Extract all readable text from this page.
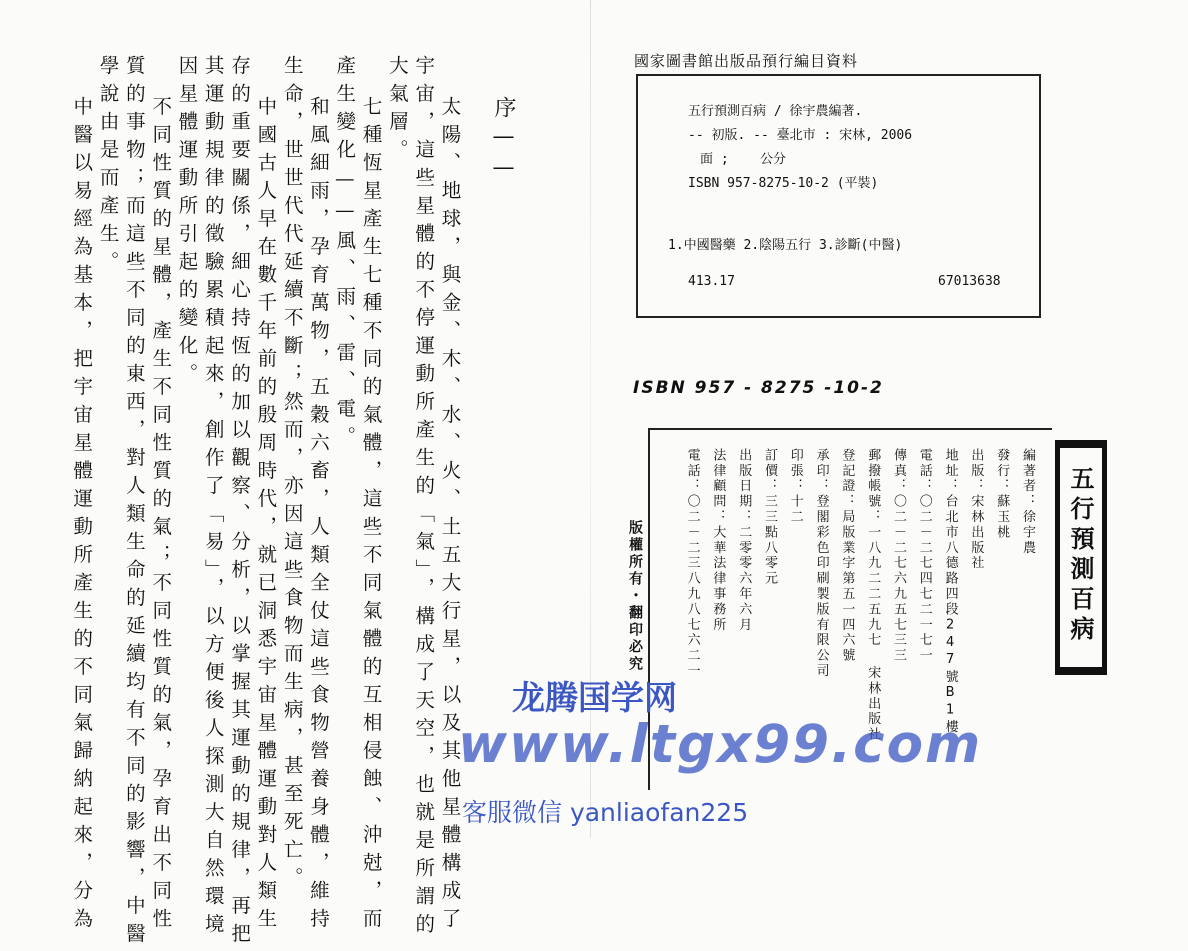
序——
太陽、地球，與金、木、水、火、土五大行星，以及其他星體構成了
宇宙，這些星體的不停運動所產生的「氣」，構成了天空，也就是所謂的
大氣層。
七種恆星產生七種不同的氣體，這些不同氣體的互相侵蝕、沖尅，而
產生變化——風、雨、雷、電。
和風細雨，孕育萬物，五穀六畜，人類全仗這些食物營養身體，維持
生命，世世代代延續不斷；然而，亦因這些食物而生病，甚至死亡。
中國古人早在數千年前的殷周時代，就已洞悉宇宙星體運動對人類生
存的重要關係，細心持恆的加以觀察、分析，以掌握其運動的規律，再把
其運動規律的徵驗累積起來，創作了「易」，以方便後人探測大自然環境
因星體運動所引起的變化。
不同性質的星體，產生不同性質的氣；不同性質的氣，孕育出不同性
質的事物；而這些不同的東西，對人類生命的延續均有不同的影響，中醫
學說由是而產生。
中醫以易經為基本，把宇宙星體運動所產生的不同氣歸納起來，分為
國家圖書館出版品預行編目資料
五行預測百病 / 徐宇農編著.
-- 初版. -- 臺北市 : 宋林, 2006
面 ;    公分
ISBN 957-8275-10-2 (平裝)
1.中國醫藥 2.陰陽五行 3.診斷(中醫)
413.17	67013638
ISBN 957 - 8275 -10-2
編著者：徐宇農
發行：蘇玉桃
出版：宋林出版社
地址：台北市八德路四段247號B1樓
電話：〇二－二七四七二一七一
傳真：〇二－二七六九五七三三
郵撥帳號：一八九二二五九七 宋林出版社
登記證：局版業字第五一四六號
承印：登閣彩色印刷製版有限公司
印張：十二
訂價：三三點八零元
出版日期：二零零六年六月
法律顧問：大華法律事務所
電話：〇二－二三八九八七六二一	五行預測百病
版權所有・翻印必究
龙腾国学网
www.ltgx99.com
客服微信 yanliaofan225
